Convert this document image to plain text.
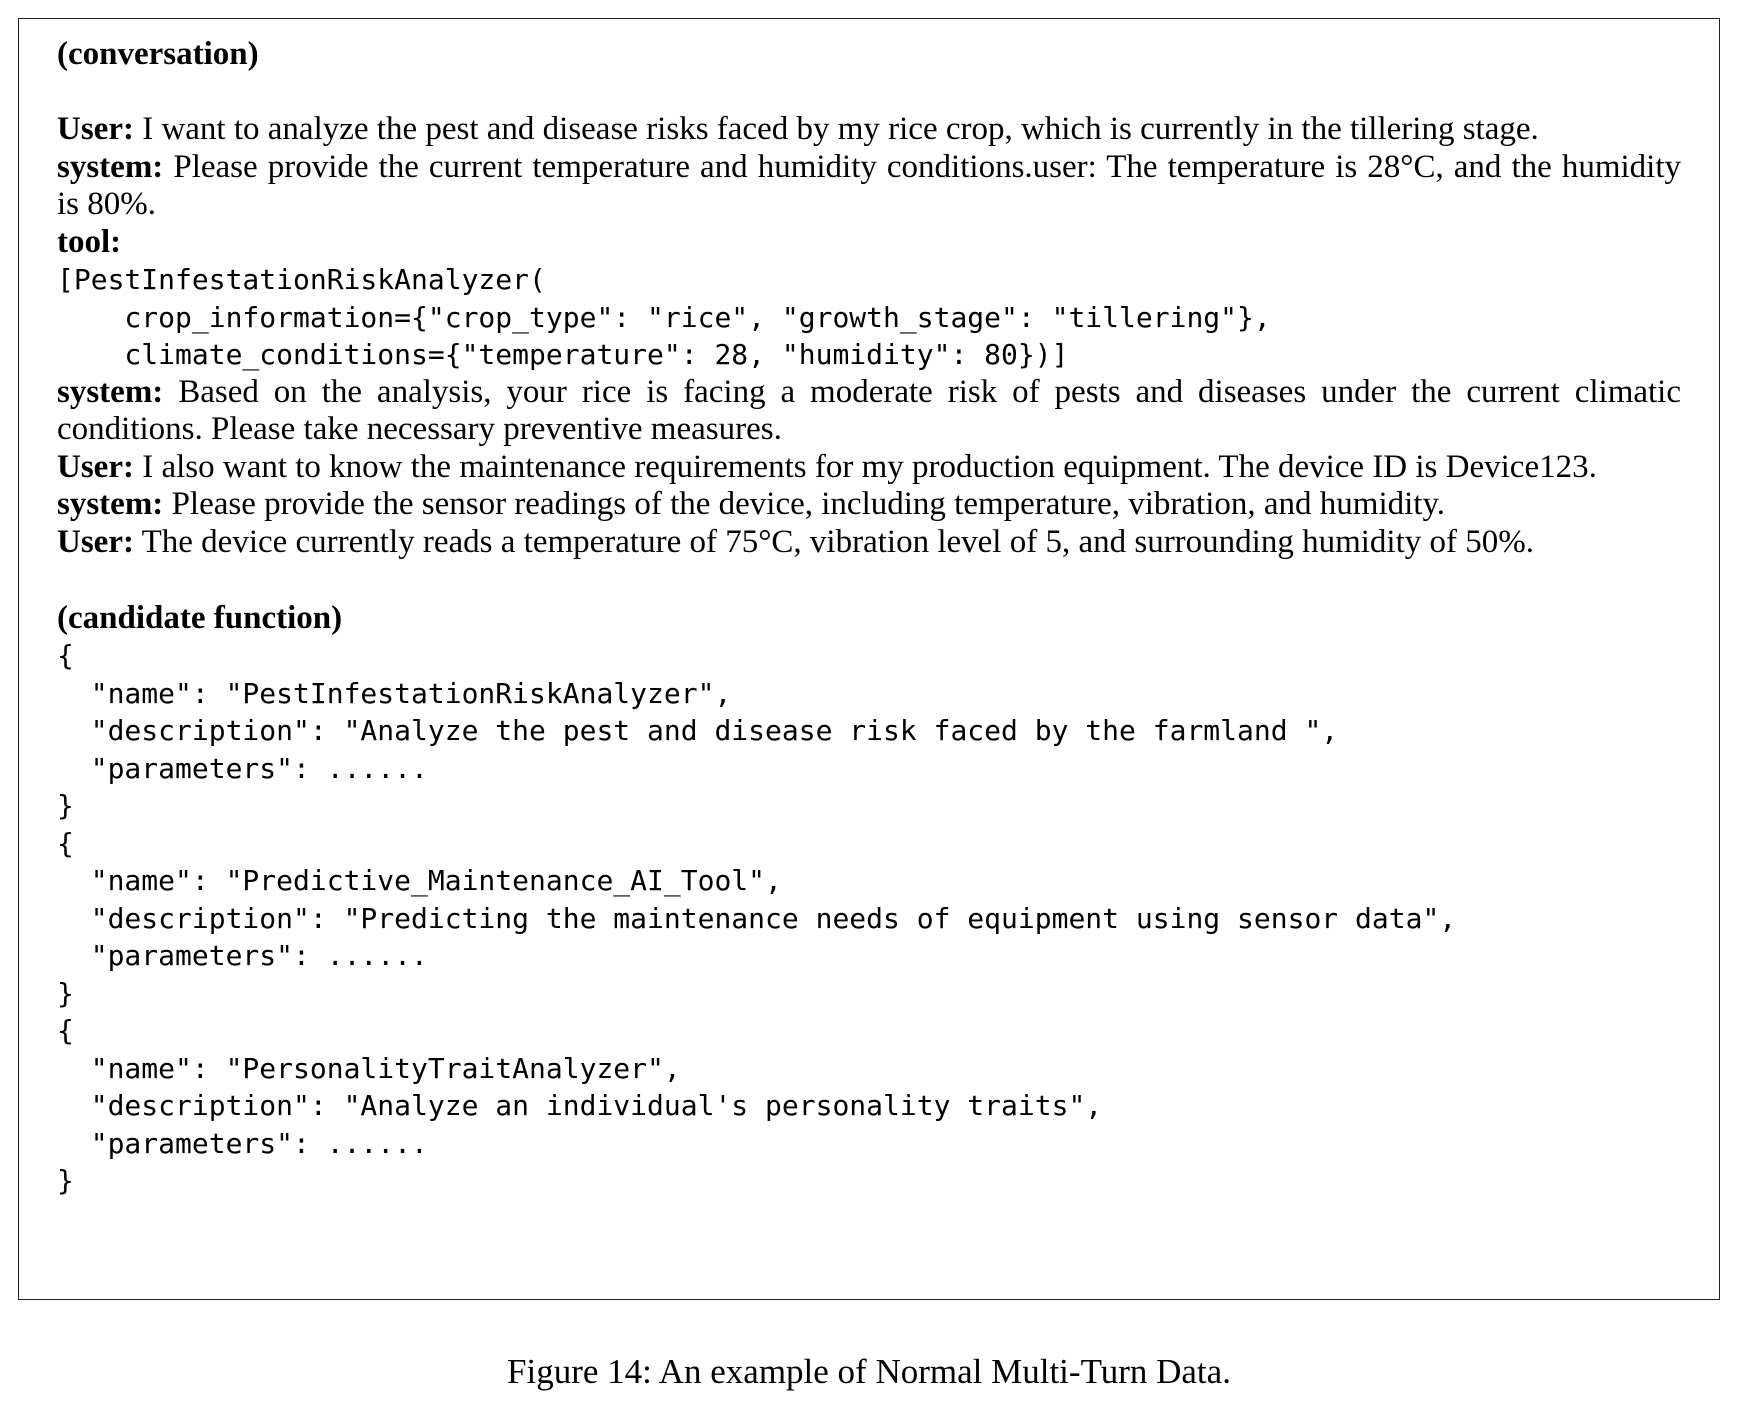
(conversation)

User: I want to analyze the pest and disease risks faced by my rice crop, which is currently in the tillering stage.

system: Please provide the current temperature and humidity conditions.user: The temperature is 28°C, and the humidity is 80%.

tool:

[PestInfestationRiskAnalyzer(
crop_information={"crop_type": "rice", "growth_stage": "tillering"},
climate_conditions={"temperature": 28, "humidity": 80})]

system: Based on the analysis, your rice is facing a moderate risk of pests and diseases under the current climatic conditions. Please take necessary preventive measures.

User: I also want to know the maintenance requirements for my production equipment. The device ID is Device123.

system: Please provide the sensor readings of the device, including temperature, vibration, and humidity.

User: The device currently reads a temperature of 75°C, vibration level of 5, and surrounding humidity of 50%.

(candidate function)

{
"name": "PestInfestationRiskAnalyzer",
"description": "Analyze the pest and disease risk faced by the farmland ",
"parameters": ......
}
{
"name": "Predictive_Maintenance_AI_Tool",
"description": "Predicting the maintenance needs of equipment using sensor data",
"parameters": ......
}
{
"name": "PersonalityTraitAnalyzer",
"description": "Analyze an individual's personality traits",
"parameters": ......
}
Figure 14: An example of Normal Multi-Turn Data.
